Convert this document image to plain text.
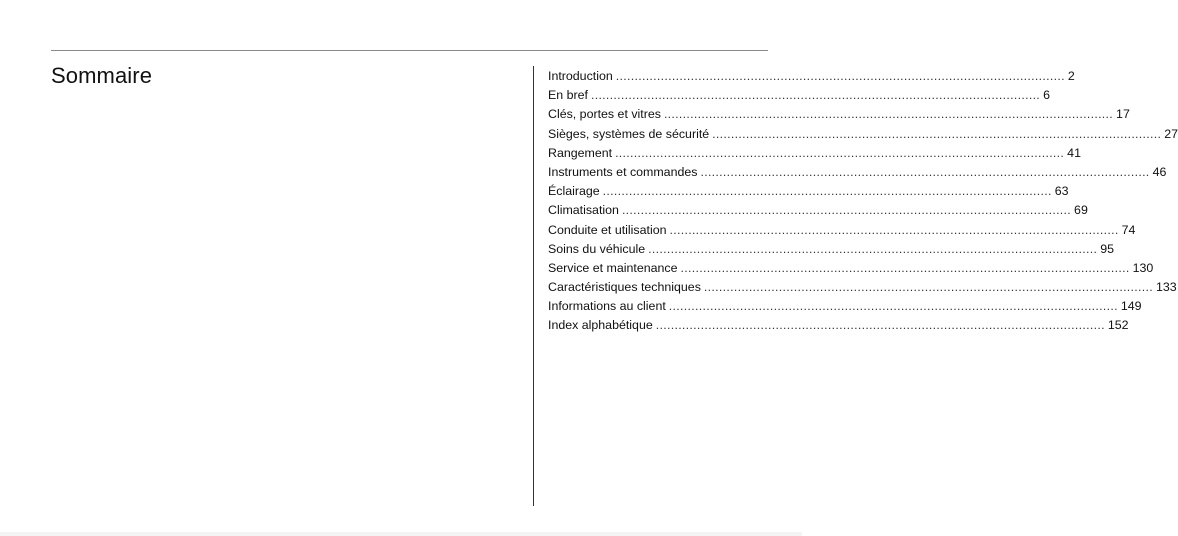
Sommaire	Introduction ........................................................................................................................ 2
En bref ........................................................................................................................ 6
Clés, portes et vitres ........................................................................................................................ 17
Sièges, systèmes de sécurité ........................................................................................................................ 27
Rangement ........................................................................................................................ 41
Instruments et commandes ........................................................................................................................ 46
Éclairage ........................................................................................................................ 63
Climatisation ........................................................................................................................ 69
Conduite et utilisation ........................................................................................................................ 74
Soins du véhicule ........................................................................................................................ 95
Service et maintenance ........................................................................................................................ 130
Caractéristiques techniques ........................................................................................................................ 133
Informations au client ........................................................................................................................ 149
Index alphabétique ........................................................................................................................ 152
